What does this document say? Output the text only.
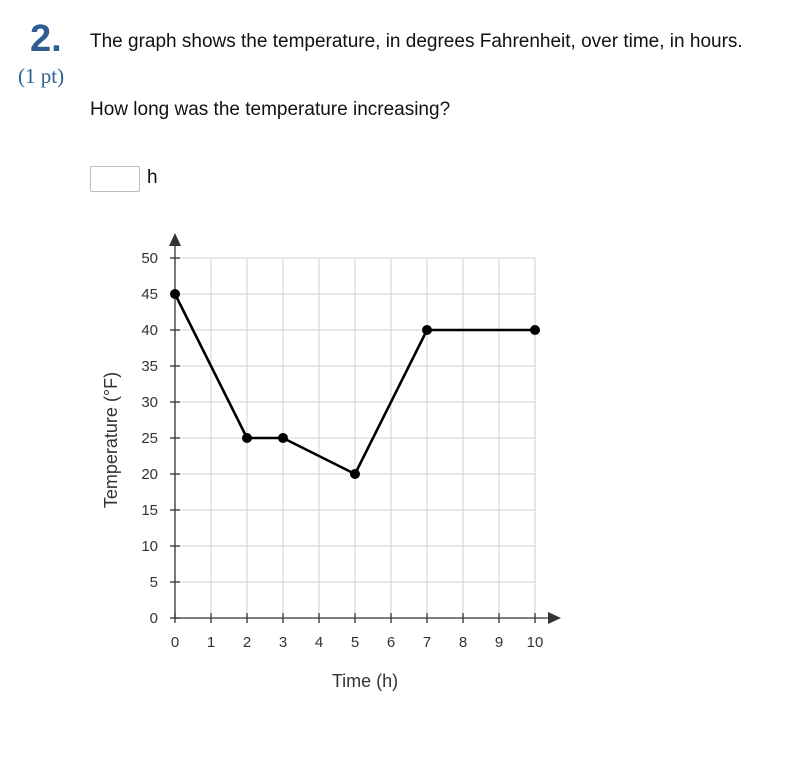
2.
(1 pt)
The graph shows the temperature, in degrees Fahrenheit, over time, in hours.
How long was the temperature increasing?
h
0
5
10
15
20
25
30
35
40
45
50
0 1 2 3 4 5 6 7 8 9 10
Time (h)
Temperature (°F)
